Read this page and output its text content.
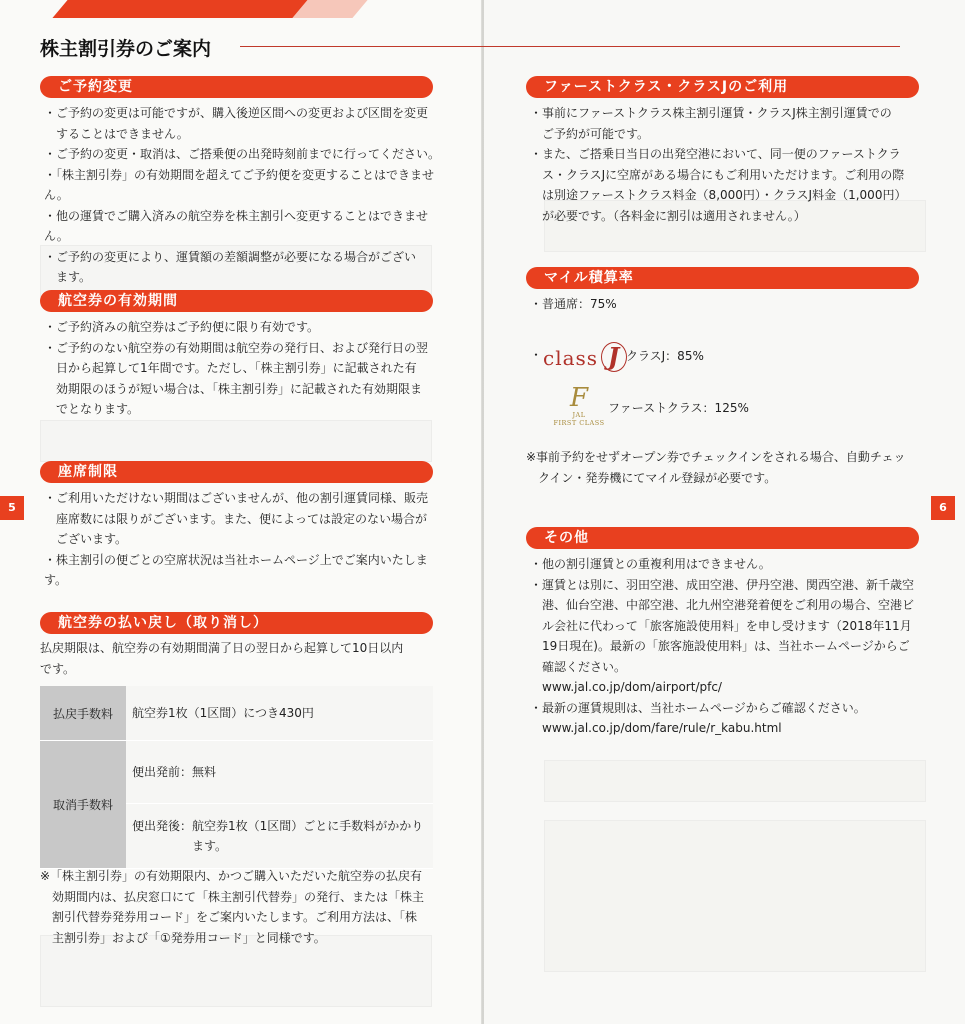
株主割引券のご案内
ご予約変更

・ご予約の変更は可能ですが、購入後逆区間への変更および区間を変更

　することはできません。

・ご予約の変更・取消は、ご搭乗便の出発時刻前までに行ってください。

・「株主割引券」の有効期間を超えてご予約便を変更することはできません。

・他の運賃でご購入済みの航空券を株主割引へ変更することはできません。

・ご予約の変更により、運賃額の差額調整が必要になる場合がござい

　ます。

航空券の有効期間

・ご予約済みの航空券はご予約便に限り有効です。

・ご予約のない航空券の有効期間は航空券の発行日、および発行日の翌

　日から起算して1年間です。ただし、「株主割引券」に記載された有

　効期限のほうが短い場合は、「株主割引券」に記載された有効期限ま

　でとなります。

座席制限

・ご利用いただけない期間はございませんが、他の割引運賃同様、販売

　座席数には限りがございます。また、便によっては設定のない場合が

　ございます。

・株主割引の便ごとの空席状況は当社ホームページ上でご案内いたします。

航空券の払い戻し（取り消し）

払戻期限は、航空券の有効期間満了日の翌日から起算して10日以内

です。

払戻手数料	航空券1枚（1区間）につき430円
取消手数料	便出発前：無料

	便出発後：航空券1枚（1区間）ごとに手数料がかかり
　　　　　ます。

※「株主割引券」の有効期限内、かつご購入いただいた航空券の払戻有

　効期間内は、払戻窓口にて「株主割引代替券」の発行、または「株主

　割引代替券発券用コード」をご案内いたします。ご利用方法は、「株

　主割引券」および「①発券用コード」と同様です。

5
ファーストクラス・クラスJのご利用

・事前にファーストクラス株主割引運賃・クラスJ株主割引運賃での

　ご予約が可能です。

・また、ご搭乗日当日の出発空港において、同一便のファーストクラ

　ス・クラスJに空席がある場合にもご利用いただけます。ご利用の際

　は別途ファーストクラス料金（8,000円）・クラスJ料金（1,000円）

　が必要です。（各料金に割引は適用されません。）

マイル積算率
・普通席：75%
・ class J クラスJ：85%
F
JAL
FIRST CLASS
ファーストクラス：125%

※事前予約をせずオープン券でチェックインをされる場合、自動チェッ

　クイン・発券機にてマイル登録が必要です。

その他

・他の割引運賃との重複利用はできません。

・運賃とは別に、羽田空港、成田空港、伊丹空港、関西空港、新千歳空

　港、仙台空港、中部空港、北九州空港発着便をご利用の場合、空港ビ

　ル会社に代わって「旅客施設使用料」を申し受けます（2018年11月

　19日現在)。最新の「旅客施設使用料」は、当社ホームページからご

　確認ください。

　www.jal.co.jp/dom/airport/pfc/

・最新の運賃規則は、当社ホームページからご確認ください。

　www.jal.co.jp/dom/fare/rule/r_kabu.html

6
